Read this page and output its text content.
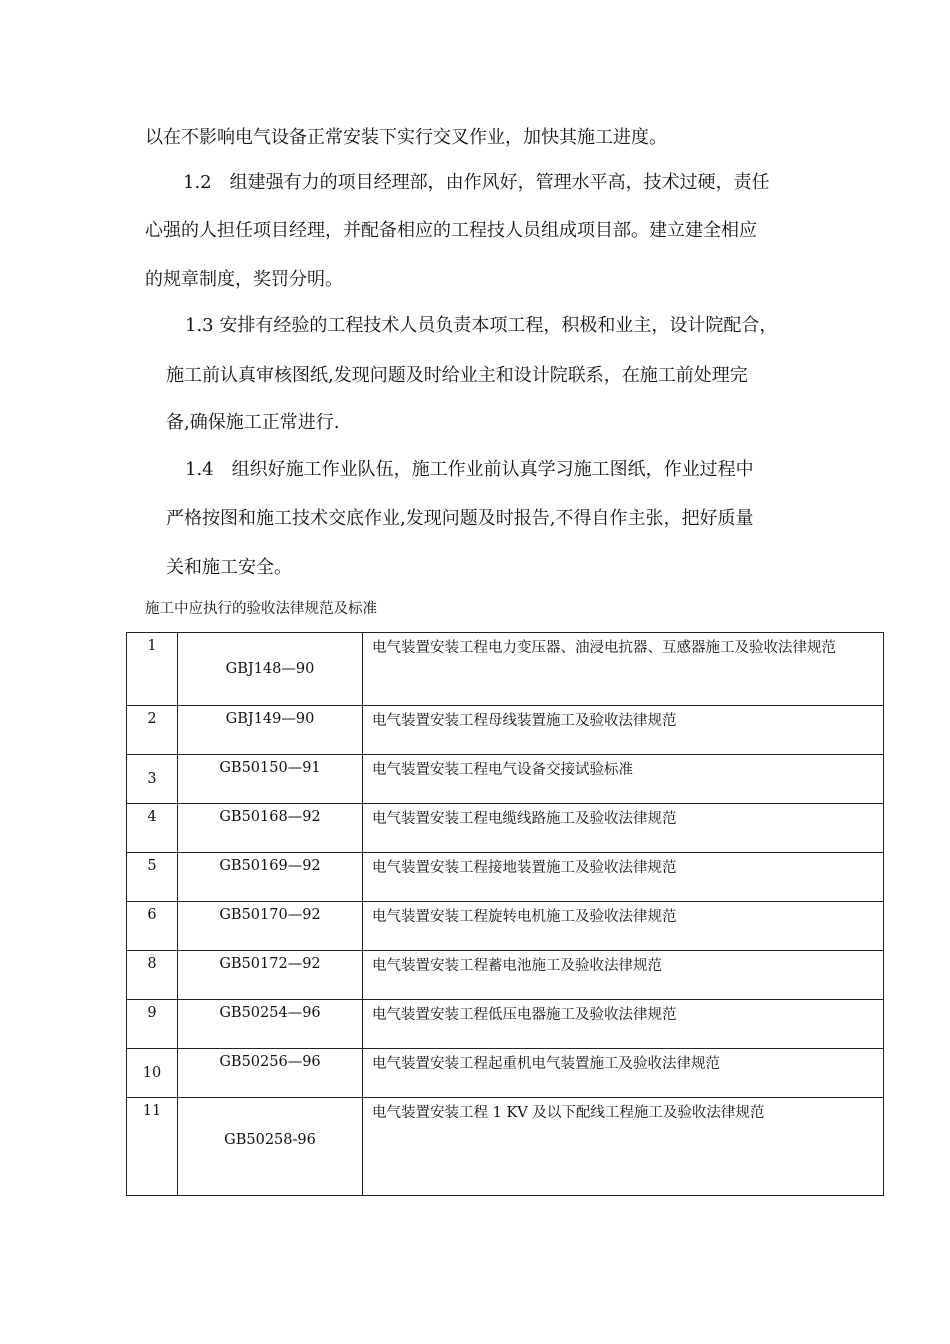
以在不影响电气设备正常安装下实行交叉作业，加快其施工进度。
1.2　组建强有力的项目经理部，由作风好，管理水平高，技术过硬，责任
心强的人担任项目经理，并配备相应的工程技人员组成项目部。建立建全相应
的规章制度，奖罚分明。
1.3 安排有经验的工程技术人员负责本项工程，积极和业主，设计院配合，
施工前认真审核图纸,发现问题及时给业主和设计院联系，在施工前处理完
备,确保施工正常进行.
1.4　组织好施工作业队伍，施工作业前认真学习施工图纸，作业过程中
严格按图和施工技术交底作业,发现问题及时报告,不得自作主张，把好质量
关和施工安全。
施工中应执行的验收法律规范及标准
1	GBJ148—90	电气装置安装工程电力变压器、油浸电抗器、互感器施工及验收法律规范

2	GBJ149—90	电气装置安装工程母线装置施工及验收法律规范

3	GB50150—91	电气装置安装工程电气设备交接试验标准

4	GB50168—92	电气装置安装工程电缆线路施工及验收法律规范

5	GB50169—92	电气装置安装工程接地装置施工及验收法律规范

6	GB50170—92	电气装置安装工程旋转电机施工及验收法律规范

8	GB50172—92	电气装置安装工程蓄电池施工及验收法律规范

9	GB50254—96	电气装置安装工程低压电器施工及验收法律规范

10	GB50256—96	电气装置安装工程起重机电气装置施工及验收法律规范

11	GB50258-96	电气装置安装工程 1 KV 及以下配线工程施工及验收法律规范
